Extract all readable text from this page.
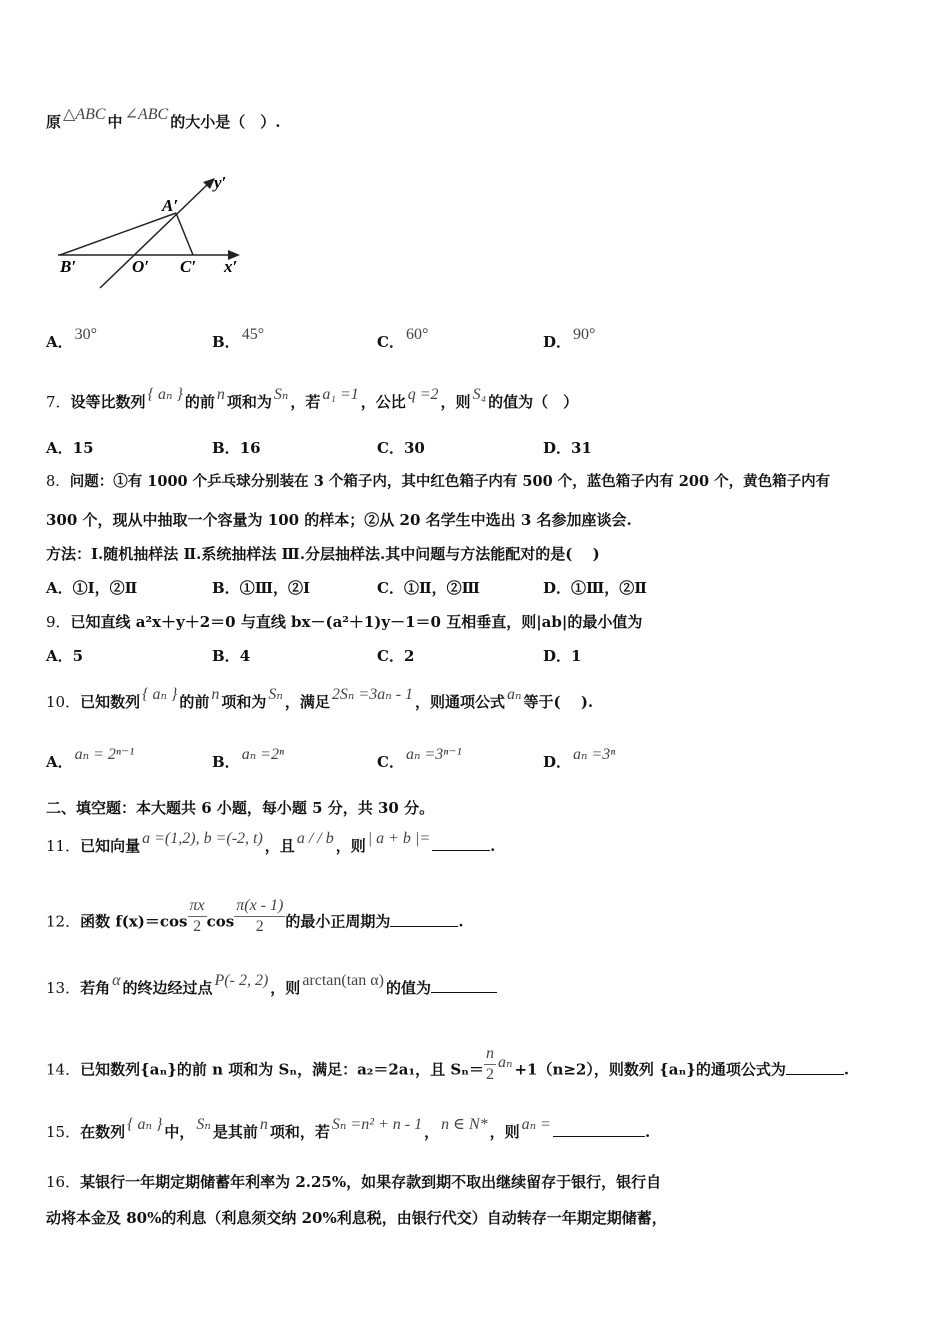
原 △ABC 中 ∠ABC 的大小是（　）.
A′
B′	O′ C′ x′
y′
A． 30°	B． 45°	C． 60°	D． 90°
7．设等比数列 { aₙ } 的前 n 项和为 Sₙ ，若 a₁ =1 ，公比 q =2 ，则 S₄ 的值为（　）
A．15	B．16	C．30	D．31
8．问题：①有 1000 个乒乓球分别装在 3 个箱子内，其中红色箱子内有 500 个，蓝色箱子内有 200 个，黄色箱子内有
300 个，现从中抽取一个容量为 100 的样本；②从 20 名学生中选出 3 名参加座谈会.
方法：Ⅰ.随机抽样法 Ⅱ.系统抽样法 Ⅲ.分层抽样法.其中问题与方法能配对的是(　 )
A．①Ⅰ，②Ⅱ	B．①Ⅲ，②Ⅰ	C．①Ⅱ，②Ⅲ	D．①Ⅲ，②Ⅱ
9．已知直线 a²x＋y＋2＝0 与直线 bx－(a²＋1)y－1＝0 互相垂直，则|ab|的最小值为
A．5	B．4	C．2	D．1
10．已知数列 { aₙ } 的前 n 项和为 Sₙ ，满足 2Sₙ =3aₙ - 1 ，则通项公式 aₙ 等于(　 ).
A． aₙ = 2ⁿ⁻¹	B． aₙ =2ⁿ	C． aₙ =3ⁿ⁻¹	D． aₙ =3ⁿ
二、填空题：本大题共 6 小题，每小题 5 分，共 30 分。
11．已知向量 a =(1,2), b =(-2, t) ，且 a / / b ，则 | a + b |=	.
12．函数 $f(x)=\cos \frac{\pi x}{2}$ $\cos \frac{\pi(x - 1)}{2}$ 的最小正周期为	.
13．若角 α 的终边经过点 P(- 2, 2) ，则 arctan(tan α) 的值为
14．已知数列{aₙ}的前 n 项和为 Sₙ，满足：a₂＝2a₁，且 $S_n= \frac{n}{2}$ aₙ +1（n≥2），则数列 {aₙ}的通项公式为	.
15．在数列 { aₙ } 中， Sₙ 是其前 n 项和，若 Sₙ =n² + n - 1 ， n ∈ N* ，则 aₙ =	.
16．某银行一年期定期储蓄年利率为 2.25%，如果存款到期不取出继续留存于银行，银行自
动将本金及 80%的利息（利息须交纳 20%利息税，由银行代交）自动转存一年期定期储蓄，
